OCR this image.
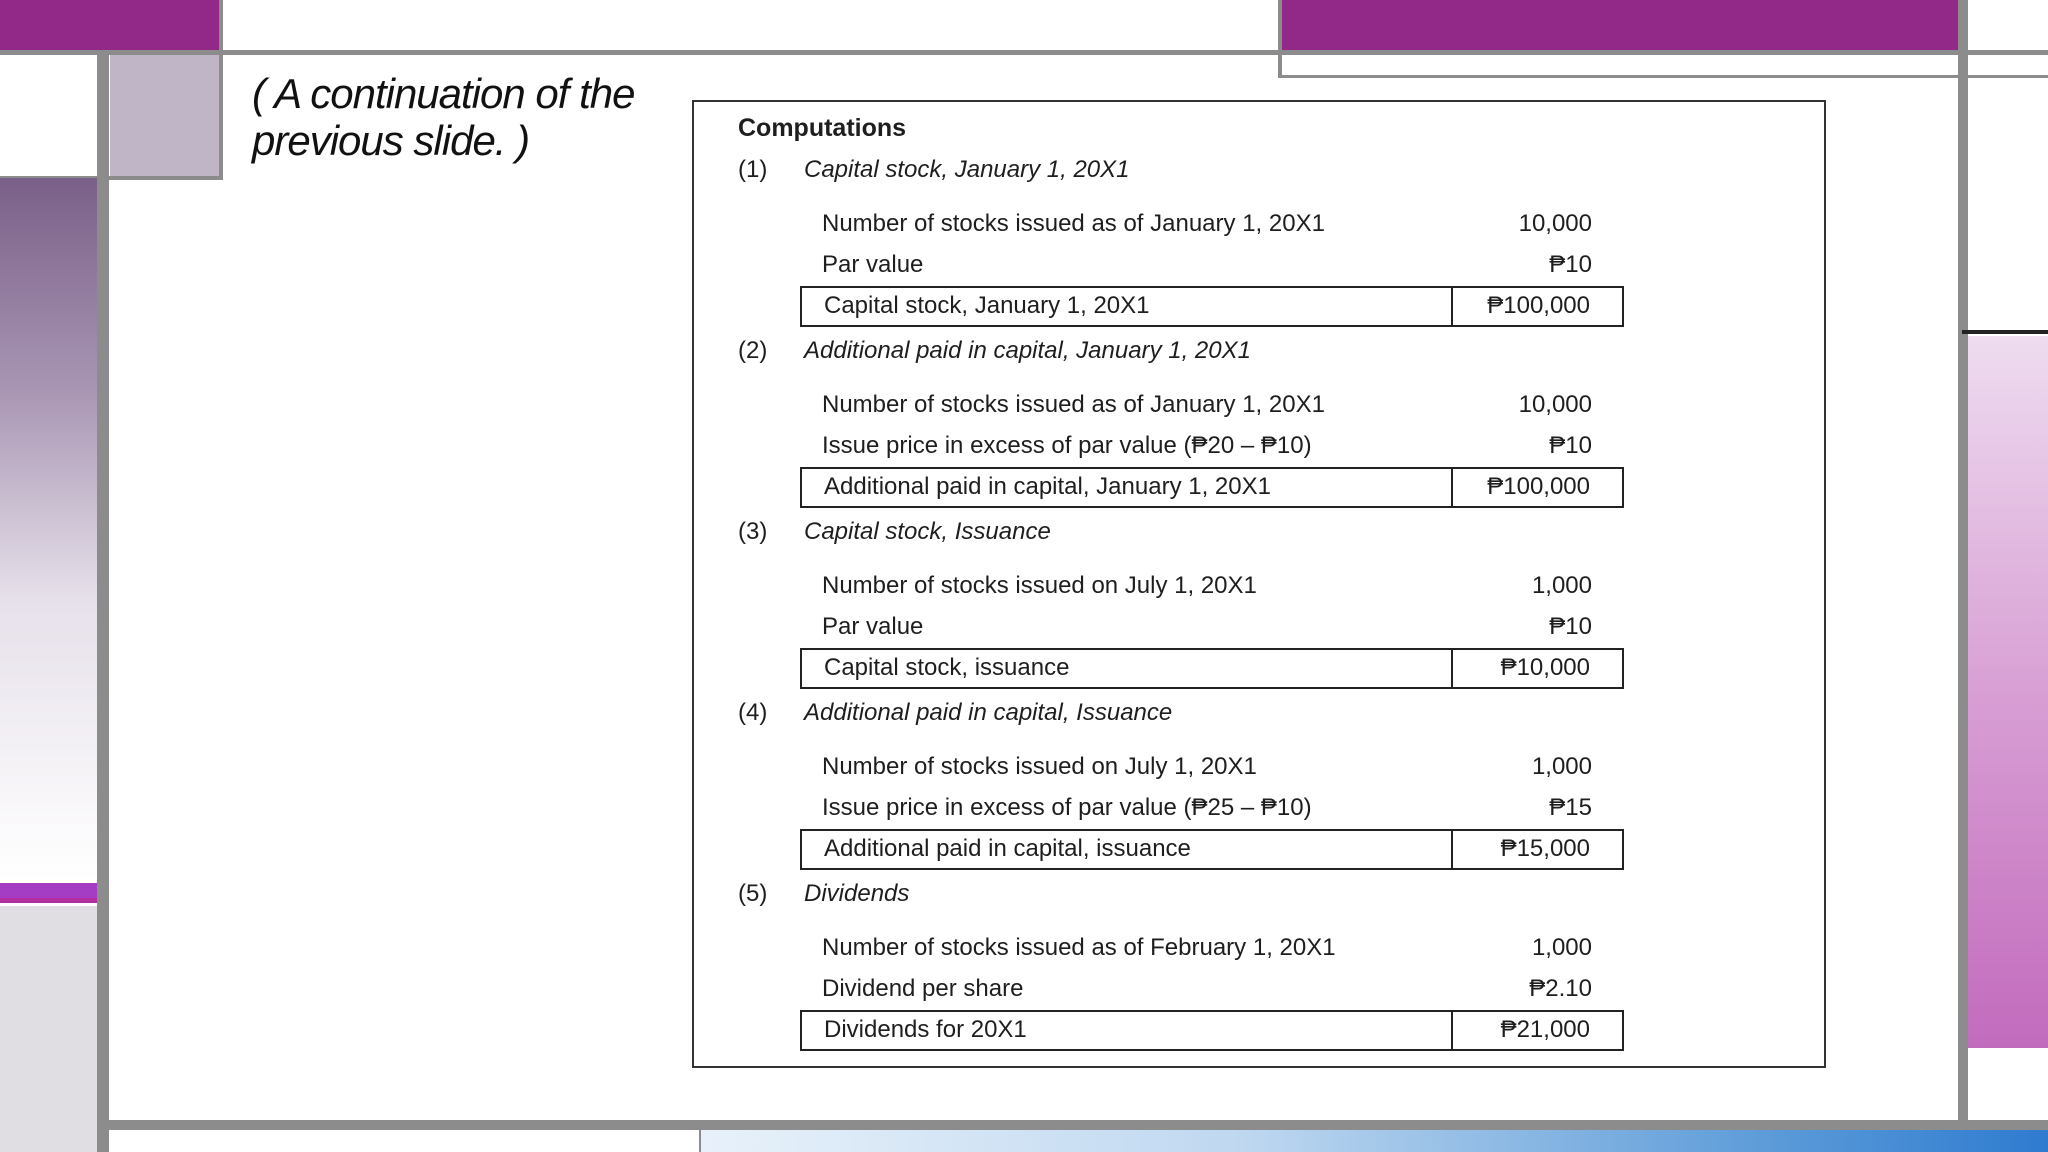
( A continuation of the previous slide. )	Computations
(1) Capital stock, January 1, 20X1
Number of stocks issued as of January 1, 20X1	10,000
Par value	₱10
Capital stock, January 1, 20X1	₱100,000
(2) Additional paid in capital, January 1, 20X1
Number of stocks issued as of January 1, 20X1	10,000
Issue price in excess of par value (₱20 – ₱10)	₱10
Additional paid in capital, January 1, 20X1	₱100,000
(3) Capital stock, Issuance
Number of stocks issued on July 1, 20X1	1,000
Par value	₱10
Capital stock, issuance	₱10,000
(4) Additional paid in capital, Issuance
Number of stocks issued on July 1, 20X1	1,000
Issue price in excess of par value (₱25 – ₱10)	₱15
Additional paid in capital, issuance	₱15,000
(5) Dividends
Number of stocks issued as of February 1, 20X1	1,000
Dividend per share	₱2.10
Dividends for 20X1	₱21,000
